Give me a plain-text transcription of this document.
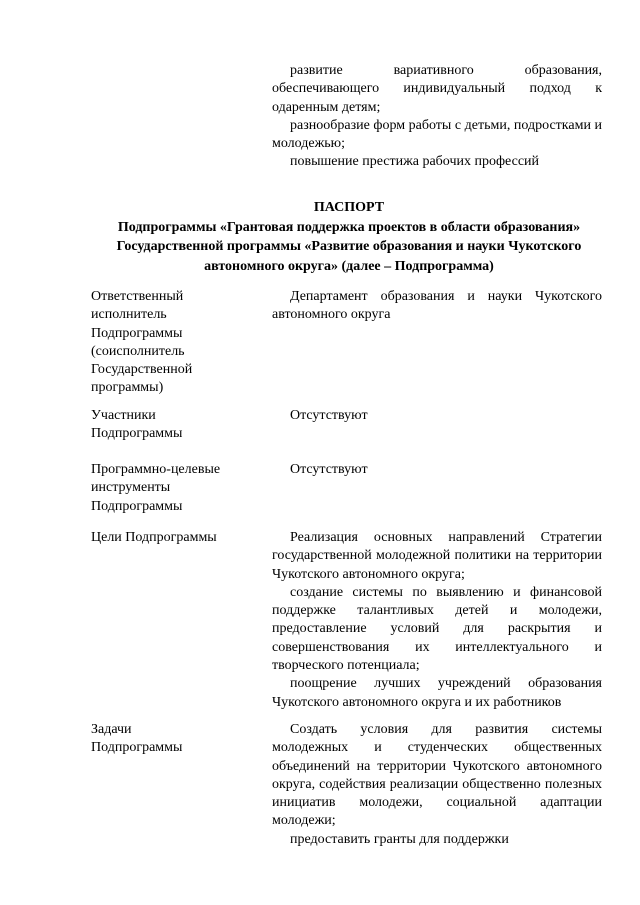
развитие вариативного образования, обеспечивающего индивидуальный подход к одаренным детям;

разнообразие форм работы с детьми, подростками и молодежью;

повышение престижа рабочих профессий

ПАСПОРТ
Подпрограммы «Грантовая поддержка проектов в области образования»
Государственной программы «Развитие образования и науки Чукотского
автономного округа» (далее – Подпрограмма)

Ответственный

исполнитель

Подпрограммы

(соисполнитель

Государственной

программы)

Департамент образования и науки Чукотского автономного округа

Участники

Подпрограммы

Отсутствуют

Программно-целевые

инструменты

Подпрограммы

Отсутствуют

Цели Подпрограммы	Реализация основных направлений Стратегии государственной молодежной политики на территории Чукотского автономного округа;

создание системы по выявлению и финансовой поддержке талантливых детей и молодежи, предоставление условий для раскрытия и совершенствования их интеллектуального и творческого потенциала;

поощрение лучших учреждений образования Чукотского автономного округа и их работников

Задачи

Подпрограммы

Создать условия для развития системы молодежных и студенческих общественных объединений на территории Чукотского автономного округа, содействия реализации общественно полезных инициатив молодежи, социальной адаптации молодежи;

предоставить гранты для поддержки
